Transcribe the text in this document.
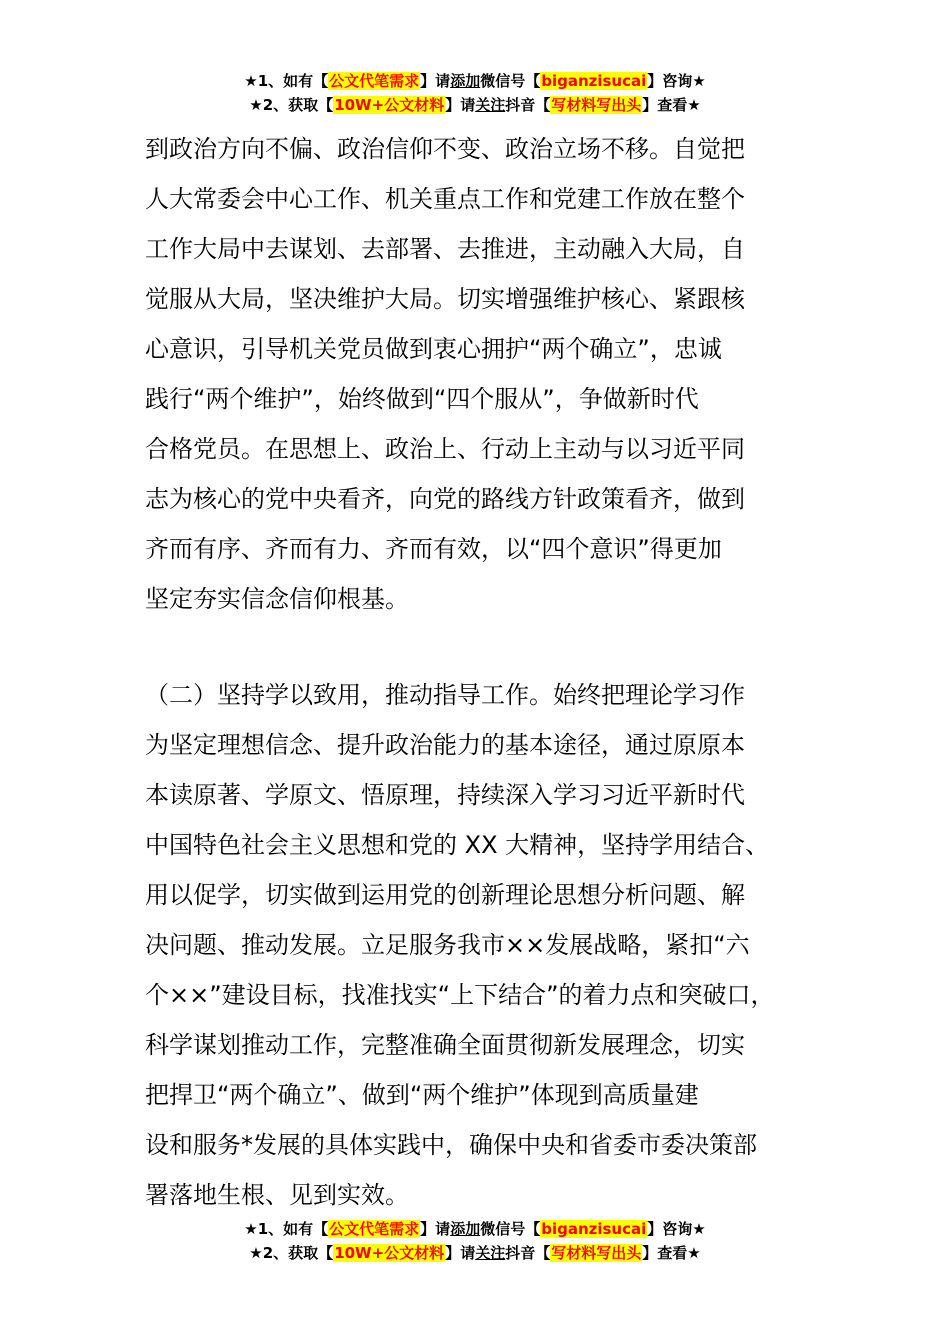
★1、如有【公文代笔需求】请添加微信号【biganzisucai】咨询★
★2、获取【10W+公文材料】请关注抖音【写材料写出头】查看★
到政治方向不偏、政治信仰不变、政治立场不移。自觉把
人大常委会中心工作、机关重点工作和党建工作放在整个
工作大局中去谋划、去部署、去推进，主动融入大局，自
觉服从大局，坚决维护大局。切实增强维护核心、紧跟核
心意识，引导机关党员做到衷心拥护“两个确立”，忠诚
践行“两个维护”，始终做到“四个服从”，争做新时代
合格党员。在思想上、政治上、行动上主动与以习近平同
志为核心的党中央看齐，向党的路线方针政策看齐，做到
齐而有序、齐而有力、齐而有效，以“四个意识”得更加
坚定夯实信念信仰根基。
（二）坚持学以致用，推动指导工作。始终把理论学习作
为坚定理想信念、提升政治能力的基本途径，通过原原本
本读原著、学原文、悟原理，持续深入学习习近平新时代
中国特色社会主义思想和党的 XX 大精神，坚持学用结合、
用以促学，切实做到运用党的创新理论思想分析问题、解
决问题、推动发展。立足服务我市××发展战略，紧扣“六
个××”建设目标，找准找实“上下结合”的着力点和突破口，
科学谋划推动工作，完整准确全面贯彻新发展理念，切实
把捍卫“两个确立”、做到“两个维护”体现到高质量建
设和服务*发展的具体实践中，确保中央和省委市委决策部
署落地生根、见到实效。
★1、如有【公文代笔需求】请添加微信号【biganzisucai】咨询★
★2、获取【10W+公文材料】请关注抖音【写材料写出头】查看★
